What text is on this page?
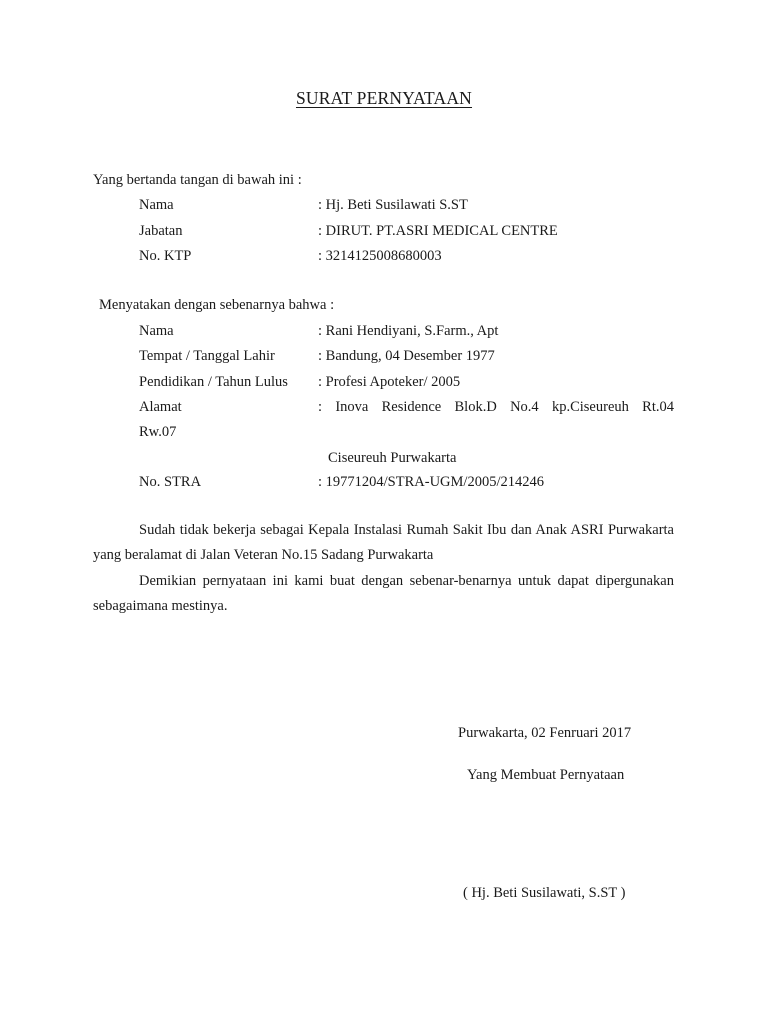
SURAT PERNYATAAN
Yang bertanda tangan di bawah ini :
Nama	: Hj. Beti Susilawati S.ST
Jabatan	: DIRUT. PT.ASRI MEDICAL CENTRE
No. KTP	: 3214125008680003
Menyatakan dengan sebenarnya bahwa :
Nama	: Rani Hendiyani, S.Farm., Apt
Tempat / Tanggal Lahir	: Bandung, 04 Desember 1977
Pendidikan / Tahun Lulus : Profesi Apoteker/ 2005
Alamat	: Inova Residence Blok.D No.4 kp.Ciseureuh Rt.04
Rw.07
Ciseureuh Purwakarta
No. STRA	: 19771204/STRA-UGM/2005/214246
Sudah tidak bekerja sebagai Kepala Instalasi Rumah Sakit Ibu dan Anak ASRI Purwakarta yang beralamat di Jalan Veteran No.15 Sadang Purwakarta
Demikian pernyataan ini kami buat dengan sebenar-benarnya untuk dapat dipergunakan sebagaimana mestinya.
Purwakarta, 02 Fenruari 2017
Yang Membuat Pernyataan
( Hj. Beti Susilawati, S.ST )
